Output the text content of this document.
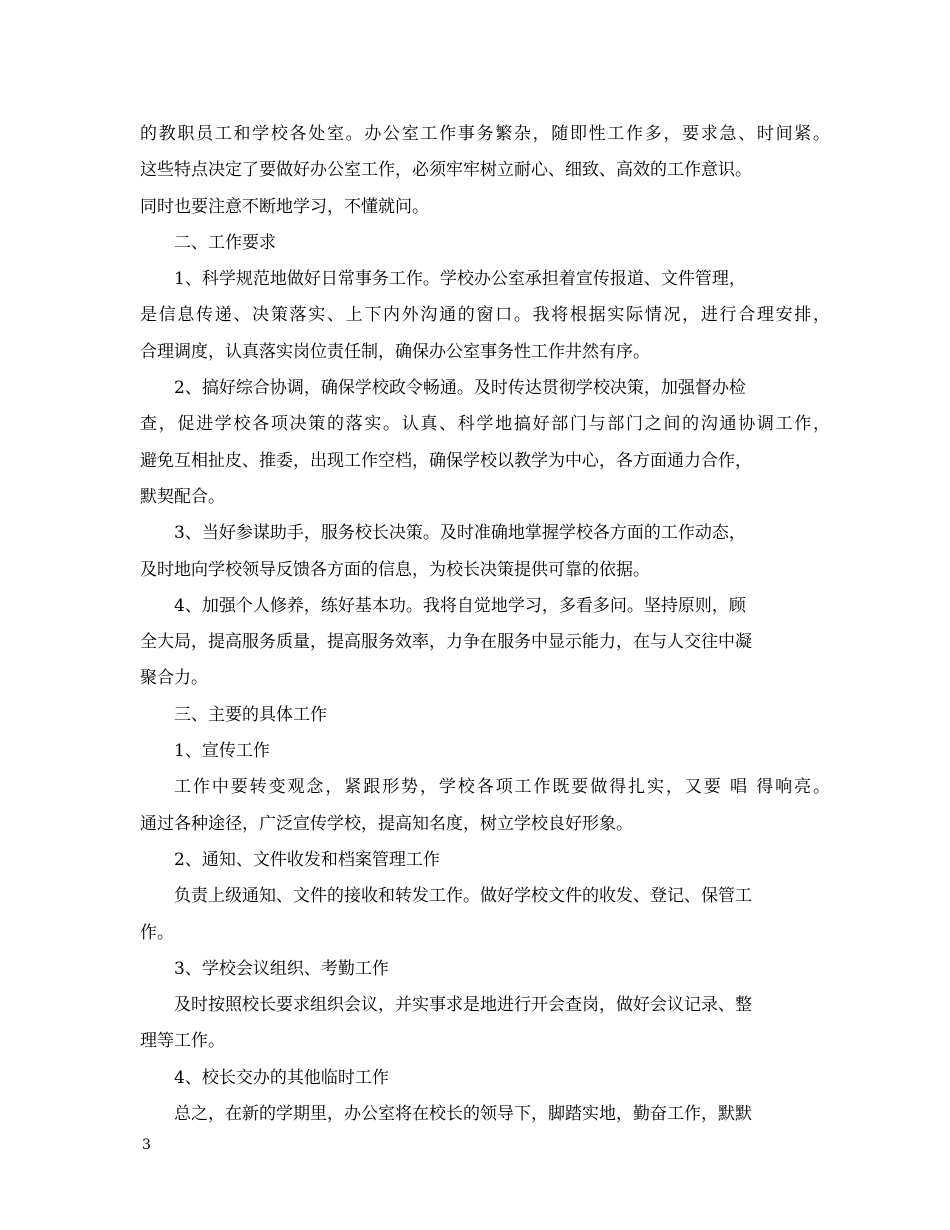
的教职员工和学校各处室。办公室工作事务繁杂，随即性工作多，要求急、时间紧。
这些特点决定了要做好办公室工作，必须牢牢树立耐心、细致、高效的工作意识。
同时也要注意不断地学习，不懂就问。
二、工作要求
1、科学规范地做好日常事务工作。学校办公室承担着宣传报道、文件管理，
是信息传递、决策落实、上下内外沟通的窗口。我将根据实际情况，进行合理安排，
合理调度，认真落实岗位责任制，确保办公室事务性工作井然有序。
2、搞好综合协调，确保学校政令畅通。及时传达贯彻学校决策，加强督办检
查，促进学校各项决策的落实。认真、科学地搞好部门与部门之间的沟通协调工作，
避免互相扯皮、推委，出现工作空档，确保学校以教学为中心，各方面通力合作，
默契配合。
3、当好参谋助手，服务校长决策。及时准确地掌握学校各方面的工作动态，
及时地向学校领导反馈各方面的信息，为校长决策提供可靠的依据。
4、加强个人修养，练好基本功。我将自觉地学习，多看多问。坚持原则，顾
全大局，提高服务质量，提高服务效率，力争在服务中显示能力，在与人交往中凝
聚合力。
三、主要的具体工作
1、宣传工作
工作中要转变观念，紧跟形势，学校各项工作既要做得扎实，又要 唱 得响亮。
通过各种途径，广泛宣传学校，提高知名度，树立学校良好形象。
2、通知、文件收发和档案管理工作
负责上级通知、文件的接收和转发工作。做好学校文件的收发、登记、保管工
作。
3、学校会议组织、考勤工作
及时按照校长要求组织会议，并实事求是地进行开会查岗，做好会议记录、整
理等工作。
4、校长交办的其他临时工作
总之，在新的学期里，办公室将在校长的领导下，脚踏实地，勤奋工作，默默
3
